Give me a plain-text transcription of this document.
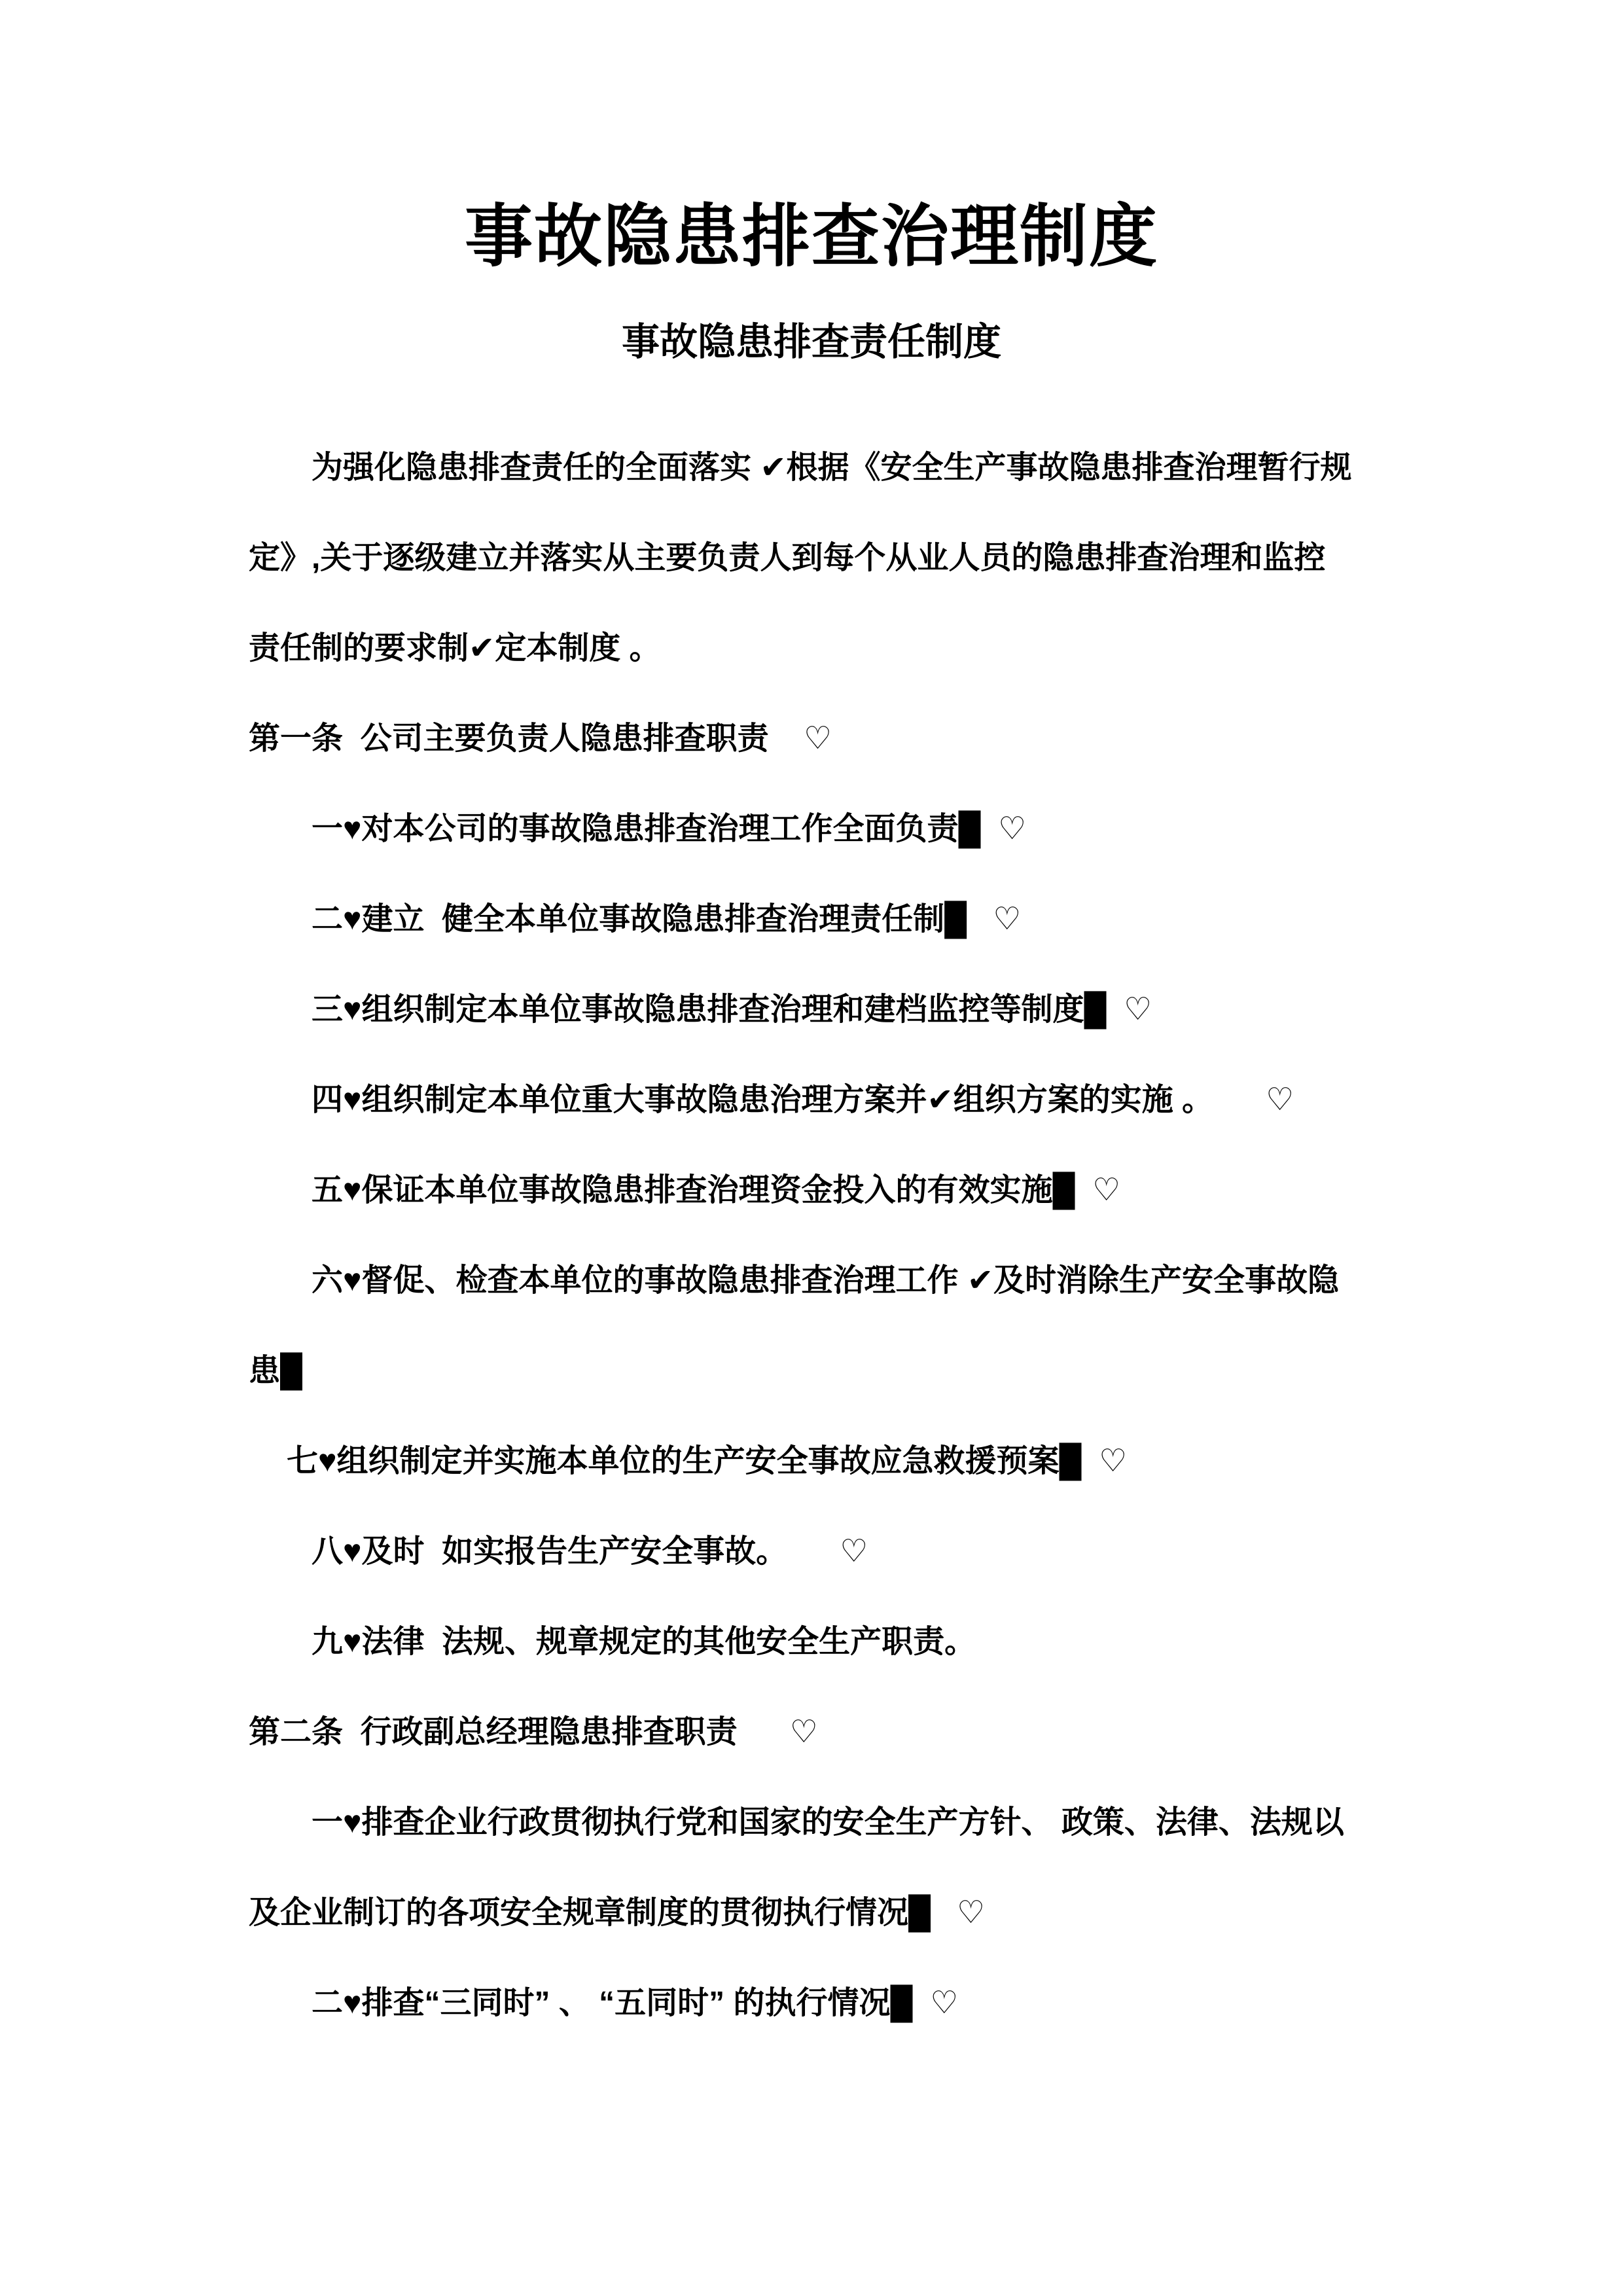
事故隐患排查治理制度
事故隐患排查责任制度

为强化隐患排查责任的全面落实 ✔根据《安全生产事故隐患排查治理暂行规

定》,关于逐级建立并落实从主要负责人到每个从业人员的隐患排查治理和监控

责任制的要求制✔定本制度 。

第一条  公司主要负责人隐患排查职责    ♡

一♥对本公司的事故隐患排查治理工作全面负责█  ♡

二♥建立  健全本单位事故隐患排查治理责任制█   ♡

三♥组织制定本单位事故隐患排查治理和建档监控等制度█  ♡

四♥组织制定本单位重大事故隐患治理方案并✔组织方案的实施 。      ♡

五♥保证本单位事故隐患排查治理资金投入的有效实施█  ♡

六♥督促、检查本单位的事故隐患排查治理工作 ✔及时消除生产安全事故隐

患█

七♥组织制定并实施本单位的生产安全事故应急救援预案█  ♡

八♥及时  如实报告生产安全事故。      ♡

九♥法律  法规、规章规定的其他安全生产职责。

第二条  行政副总经理隐患排查职责      ♡

一♥排查企业行政贯彻执行党和国家的安全生产方针、 政策、法律、法规以

及企业制订的各项安全规章制度的贯彻执行情况█   ♡

二♥排查“三同时” 、 “五同时” 的执行情况█  ♡
